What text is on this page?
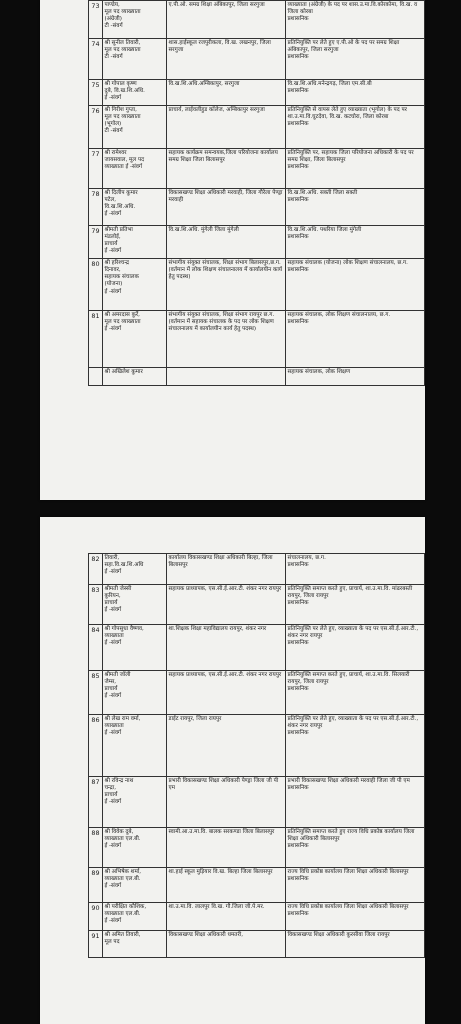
73	पाण्डेय,
मूल पद व्याख्याता
(अंग्रेजी)
टी -संवर्ग	ए.पी.ओ. समग्र शिक्षा अंबिकापुर, जिला सरगुजा	व्याख्याता (अंग्रेजी) के पद पर शास.उ.मा.वि.कोरकोमा, वि.ख. व जिला कोरबा
प्रशासनिक
74	श्री सुनील तिवारी,
मूल पद व्याख्याता
टी -संवर्ग	शास.हाईस्कूल रजपुरीकला, वि.ख. लखनपुर, जिला सरगुजा	प्रतिनियुक्ति पर लेते हुए ए.पी.ओ के पद पर समग्र शिक्षा अंबिकापुर, जिला सरगुजा
प्रशासनिक
75	श्री गोपाल कृष्ण
दुबे, वि.ख.शि.अधि.
ई -संवर्ग	वि.ख.शि.अधि.अम्बिकापुर, सरगुजा	वि.ख.शि.अधि.मनेन्द्रगढ़, जिला एम.सी.बी
प्रशासनिक
76	श्री गिरीश गुप्ता,
मूल पद व्याख्याता
(भूगोल)
टी -संवर्ग	प्राचार्य, लाईवलीहुड कॉलेज, अम्बिकापुर सरगुजा	प्रतिनियुक्ति से वापस लेते हुए व्याख्याता (भूगोल) के पद पर शा.उ.मा.वि.घुटदेवा, वि.ख. कटघोरा, जिला कोरबा
प्रशासनिक
77	श्री रामेश्वर
जायसवाल, मूल पद
व्याख्याता ई -संवर्ग	सहायक कार्यक्रम समन्वयक,जिला परियोजना कार्यालय समग्र शिक्षा जिला बिलासपुर	प्रतिनियुक्ति पर, सहायक जिला परियोजना अधिकारी के पद पर समग्र शिक्षा, जिला बिलासपुर
प्रशासनिक
78	श्री दिलीप कुमार
पटेल,
वि.ख.शि.अधि.
ई -संवर्ग	विकासखण्ड शिक्षा अधिकारी मरवाही, जिला गौरेला पेण्ड्रा मरवाही	वि.ख.शि.अधि. सक्ती जिला सक्ती
प्रशासनिक
79	श्रीमती प्रतिभा
मंडलोई,
प्राचार्य
ई -संवर्ग	वि.ख.शि.अधि. मुंगेली जिला मुंगेली	वि.ख.शि.अधि. पथरिया जिला मुंगेली
प्रशासनिक
80	श्री हरिश्चन्द्र
दिनावर,
सहायक संचालक
(योजना)
ई -संवर्ग	संभागीय संयुक्त संचालक, शिक्षा संभाग बिलासपुर,छ.ग. (वर्तमान में लोक शिक्षण संचालनालय में कार्यालयीन कार्य हेतु पदस्थ)	सहायक संचालक (योजना) लोक शिक्षण संचालनालय, छ.ग.
प्रशासनिक
81	श्री अमरदास कुर्रे,
मूल पद व्याख्याता
ई -संवर्ग	संभागीय संयुक्त संचालक, शिक्षा संभाग रायपुर छ.ग. (वर्तमान में सहायक संचालक के पद पर लोक शिक्षण संचालनालय में कार्यालयीन कार्य हेतु पदस्थ)	सहायक संचालक, लोक शिक्षण संचालनालय, छ.ग.
प्रशासनिक
	श्री अखिलेश कुमार		सहायक संचालक, लोक शिक्षण
82	तिवारी,
सहा.वि.ख.शि.अधि
ई -संवर्ग	कार्यालय विकासखण्ड शिक्षा अधिकारी बिल्हा, जिला बिलासपुर	संचालनालय, छ.ग.
प्रशासनिक
83	श्रीमती जेस्सी
कुरियन,
प्राचार्य
ई -संवर्ग	सहायक प्राध्यापक, एस.सी.ई.आर.टी. शंकर नगर रायपुर	प्रतिनियुक्ति समाप्त करते हुए, प्राचार्य, शा.उ.मा.वि. मांढरबस्ती रायपुर, जिला रायपुर
प्रशासनिक
84	श्री गोपसुधा वैष्णव,
व्याख्याता
ई -संवर्ग	शा.शिक्षक शिक्षा महाविद्यालय रायपुर, शंकर नगर	प्रतिनियुक्ति पर लेते हुए, व्याख्याता के पद पर एस.सी.ई.आर.टी., शंकर नगर रायपुर
प्रशासनिक
85	श्रीमती जॉली
जेम्स,
प्राचार्य
ई -संवर्ग	सहायक प्राध्यापक, एस.सी.ई.आर.टी. शंकर नगर रायपुर	प्रतिनियुक्ति समाप्त करते हुए, प्राचार्य, शा.उ.मा.वि. सिलयारी रायपुर, जिला रायपुर
प्रशासनिक
86	श्री लेख राम वर्मा,
व्याख्याता
ई -संवर्ग	डाईट रायपुर, जिला रायपुर	प्रतिनियुक्ति पर लेते हुए, व्याख्याता के पद पर एस.सी.ई.आर.टी., शंकर नगर रायपुर
प्रशासनिक
87	श्री रविन्द्र नाथ
चन्द्रा,
प्राचार्य
ई -संवर्ग	प्रभारी विकासखण्ड शिक्षा अधिकारी पेण्ड्रा जिला जी पी एम	प्रभारी विकासखण्ड शिक्षा अधिकारी मरवाही जिला जी पी एम
प्रशासनिक
88	श्री विवेक दुबे,
व्याख्याता एल.बी.
ई -संवर्ग	स्वामी.आ.उ.मा.वि. बालक सरकण्डा जिला बिलासपुर	प्रतिनियुक्ति समाप्त करते हुए राज्य विधि प्रकोष्ठ कार्यालय जिला शिक्षा अधिकारी बिलासपुर
प्रशासनिक
89	श्री अभिषेक शर्मा,
व्याख्याता एल.बी.
ई -संवर्ग	शा.हाई स्कूल मुड़ियार वि.ख. बिल्हा जिला बिलासपुर	राज्य विधि प्रकोष्ठ कार्यालय जिला शिक्षा अधिकारी बिलासपुर
प्रशासनिक
90	श्री परीक्षित कौशिक,
व्याख्याता एल.बी.
ई -संवर्ग	शा.उ.मा.वि. लालपुर वि.ख. गौ.जिला जी.पे.मर.	राज्य विधि प्रकोष्ठ कार्यालय जिला शिक्षा अधिकारी बिलासपुर
प्रशासनिक
91	श्री अमित तिवारी,
मूल पद	विकासखण्ड शिक्षा अधिकारी धमतरी,	विकासखण्ड शिक्षा अधिकारी कुरसीवा जिला रायपुर
